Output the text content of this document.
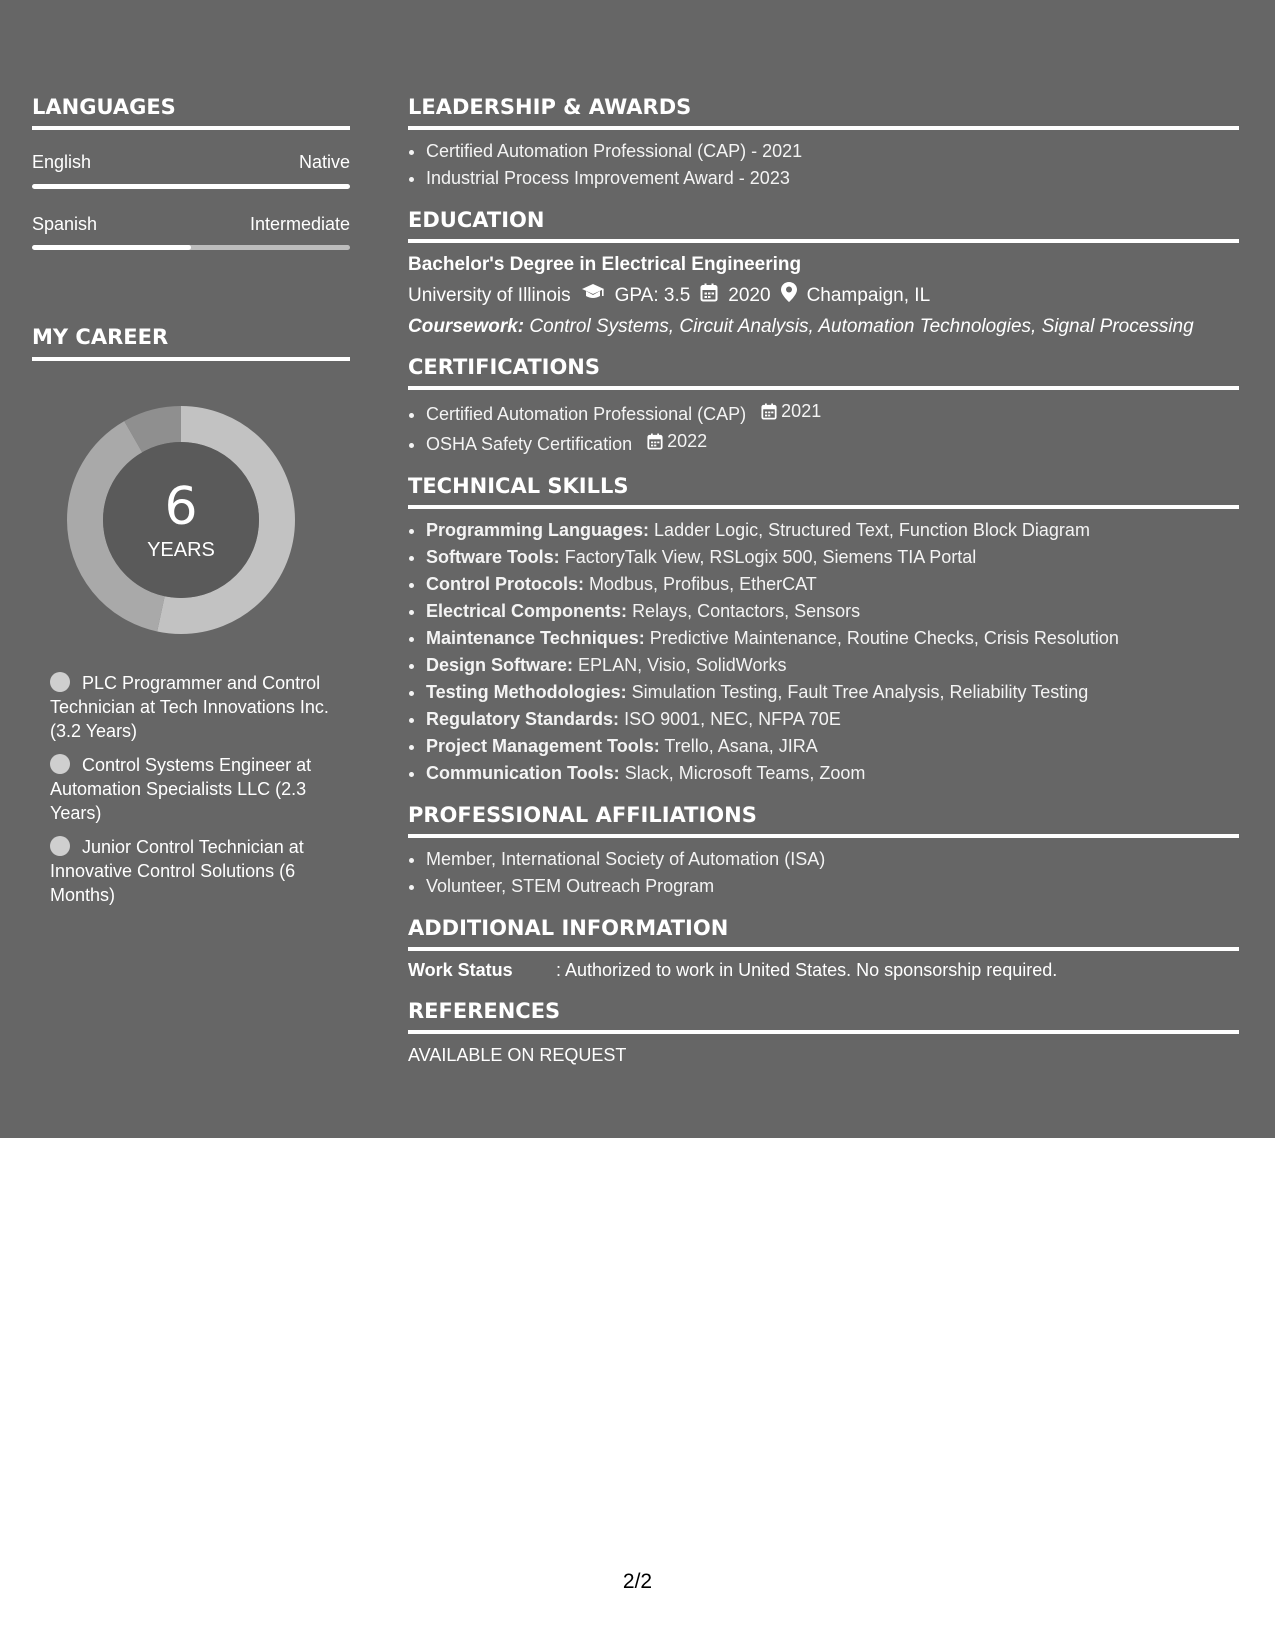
LANGUAGES
English	Native
Spanish	Intermediate
MY CAREER
6
YEARS
PLC Programmer and Control Technician at Tech Innovations Inc. (3.2 Years)
Control Systems Engineer at Automation Specialists LLC (2.3 Years)
Junior Control Technician at Innovative Control Solutions (6 Months)
LEADERSHIP & AWARDS
• Certified Automation Professional (CAP) - 2021
• Industrial Process Improvement Award - 2023
EDUCATION
Bachelor's Degree in Electrical Engineering
University of Illinois GPA: 3.5 2020 Champaign, IL
Coursework: Control Systems, Circuit Analysis, Automation Technologies, Signal Processing
CERTIFICATIONS
• Certified Automation Professional (CAP) 2021
• OSHA Safety Certification 2022
TECHNICAL SKILLS
• Programming Languages: Ladder Logic, Structured Text, Function Block Diagram
• Software Tools: FactoryTalk View, RSLogix 500, Siemens TIA Portal
• Control Protocols: Modbus, Profibus, EtherCAT
• Electrical Components: Relays, Contactors, Sensors
• Maintenance Techniques: Predictive Maintenance, Routine Checks, Crisis Resolution
• Design Software: EPLAN, Visio, SolidWorks
• Testing Methodologies: Simulation Testing, Fault Tree Analysis, Reliability Testing
• Regulatory Standards: ISO 9001, NEC, NFPA 70E
• Project Management Tools: Trello, Asana, JIRA
• Communication Tools: Slack, Microsoft Teams, Zoom
PROFESSIONAL AFFILIATIONS
• Member, International Society of Automation (ISA)
• Volunteer, STEM Outreach Program
ADDITIONAL INFORMATION
Work Status	: Authorized to work in United States. No sponsorship required.
REFERENCES
AVAILABLE ON REQUEST
2/2
